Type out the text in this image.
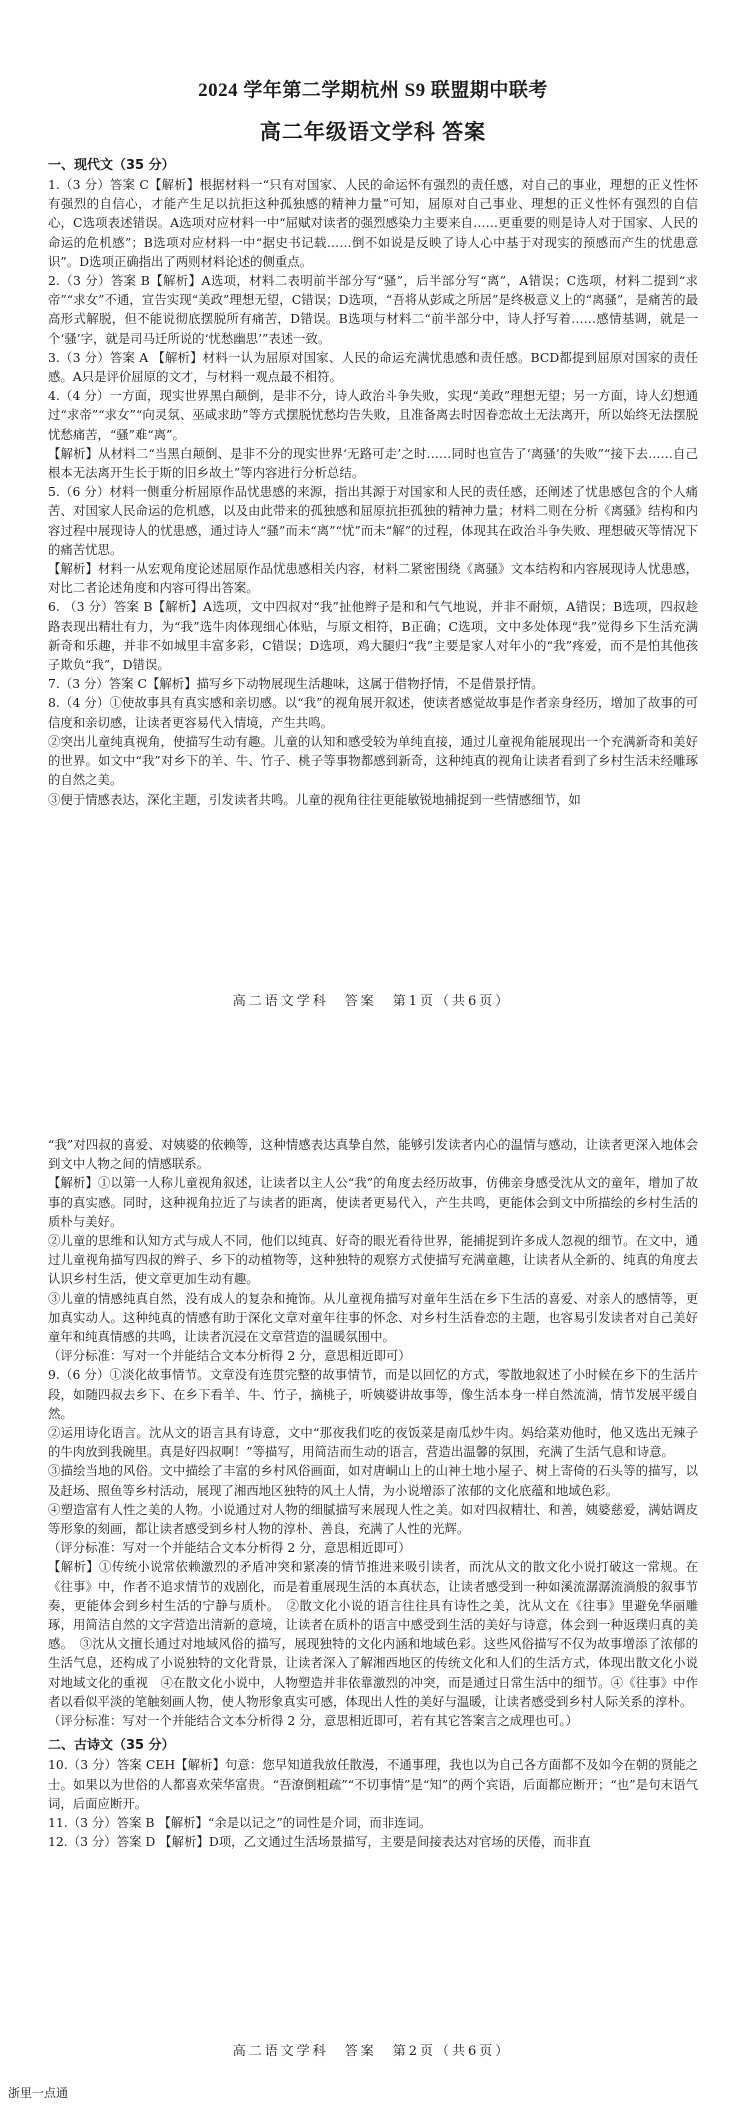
2024 学年第二学期杭州 S9 联盟期中联考
高二年级语文学科 答案
一、现代文（35 分）

1.（3 分）答案 C【解析】根据材料一“只有对国家、人民的命运怀有强烈的责任感，对自己的事业，理想的正义性怀有强烈的自信心，才能产生足以抗拒这种孤独感的精神力量”可知，屈原对自己事业、理想的正义性怀有强烈的自信心，C选项表述错误。A选项对应材料一中“屈赋对读者的强烈感染力主要来自……更重要的则是诗人对于国家、人民的命运的危机感”；B选项对应材料一中“据史书记载……倒不如说是反映了诗人心中基于对现实的预感而产生的忧患意识”。D选项正确指出了两则材料论述的侧重点。

2.（3 分）答案 B【解析】A选项，材料二表明前半部分写“骚”，后半部分写“离”，A错误；C选项，材料二提到“求帝”“求女”不通，宣告实现“美政”理想无望，C错误；D选项，“吾将从彭咸之所居”是终极意义上的“离骚”，是痛苦的最高形式解脱，但不能说彻底摆脱所有痛苦，D错误。B选项与材料二“前半部分中，诗人抒写着……感情基调，就是一个‘骚’字，就是司马迁所说的‘忧愁幽思’”表述一致。

3.（3 分）答案 A 【解析】材料一认为屈原对国家、人民的命运充满忧患感和责任感。BCD都提到屈原对国家的责任感。A只是评价屈原的文才，与材料一观点最不相符。

4.（4 分）一方面，现实世界黑白颠倒，是非不分，诗人政治斗争失败，实现“美政”理想无望；另一方面，诗人幻想通过“求帝”“求女”“向灵氛、巫咸求助”等方式摆脱忧愁均告失败，且准备离去时因眷恋故土无法离开，所以始终无法摆脱忧愁痛苦，“骚”难“离”。

【解析】从材料二“当黑白颠倒、是非不分的现实世界‘无路可走’之时……同时也宣告了‘离骚’的失败”“接下去……自己根本无法离开生长于斯的旧乡故土”等内容进行分析总结。

5.（6 分）材料一侧重分析屈原作品忧患感的来源，指出其源于对国家和人民的责任感，还阐述了忧患感包含的个人痛苦、对国家人民命运的危机感，以及由此带来的孤独感和屈原抗拒孤独的精神力量；材料二则在分析《离骚》结构和内容过程中展现诗人的忧患感，通过诗人“骚”而未“离”“忧”而未“解”的过程，体现其在政治斗争失败、理想破灭等情况下的痛苦忧思。

【解析】材料一从宏观角度论述屈原作品忧患感相关内容，材料二紧密围绕《离骚》文本结构和内容展现诗人忧患感，对比二者论述角度和内容可得出答案。

6. （3 分）答案 B【解析】A选项，文中四叔对“我”扯他辫子是和和气气地说，并非不耐烦，A错误；B选项，四叔趁路表现出精壮有力，为“我”选牛肉体现细心体贴，与原文相符，B正确；C选项，文中多处体现“我”觉得乡下生活充满新奇和乐趣，并非不如城里丰富多彩，C错误；D选项，鸡大腿归“我”主要是家人对年小的“我”疼爱，而不是怕其他孩子欺负“我”，D错误。

7.（3 分）答案 C【解析】描写乡下动物展现生活趣味，这属于借物抒情，不是借景抒情。

8.（4 分）①使故事具有真实感和亲切感。以“我”的视角展开叙述，使读者感觉故事是作者亲身经历，增加了故事的可信度和亲切感，让读者更容易代入情境，产生共鸣。

②突出儿童纯真视角，使描写生动有趣。儿童的认知和感受较为单纯直接，通过儿童视角能展现出一个充满新奇和美好的世界。如文中“我”对乡下的羊、牛、竹子、桃子等事物都感到新奇，这种纯真的视角让读者看到了乡村生活未经雕琢的自然之美。

③便于情感表达，深化主题，引发读者共鸣。儿童的视角往往更能敏锐地捕捉到一些情感细节，如

高二语文学科　答案　第1页（共6页）

“我”对四叔的喜爱、对姨婆的依赖等，这种情感表达真挚自然，能够引发读者内心的温情与感动，让读者更深入地体会到文中人物之间的情感联系。

【解析】①以第一人称儿童视角叙述，让读者以主人公“我”的角度去经历故事，仿佛亲身感受沈从文的童年，增加了故事的真实感。同时，这种视角拉近了与读者的距离，使读者更易代入，产生共鸣，更能体会到文中所描绘的乡村生活的质朴与美好。

②儿童的思维和认知方式与成人不同，他们以纯真、好奇的眼光看待世界，能捕捉到许多成人忽视的细节。在文中，通过儿童视角描写四叔的辫子、乡下的动植物等，这种独特的观察方式使描写充满童趣，让读者从全新的、纯真的角度去认识乡村生活，使文章更加生动有趣。

③儿童的情感纯真自然，没有成人的复杂和掩饰。从儿童视角描写对童年生活在乡下生活的喜爱、对亲人的感情等，更加真实动人。这种纯真的情感有助于深化文章对童年往事的怀念、对乡村生活眷恋的主题，也容易引发读者对自己美好童年和纯真情感的共鸣，让读者沉浸在文章营造的温暖氛围中。

（评分标准：写对一个并能结合文本分析得 2 分，意思相近即可）

9.（6 分）①淡化故事情节。文章没有连贯完整的故事情节，而是以回忆的方式，零散地叙述了小时候在乡下的生活片段，如随四叔去乡下、在乡下看羊、牛、竹子，摘桃子，听姨婆讲故事等，像生活本身一样自然流淌，情节发展平缓自然。

②运用诗化语言。沈从文的语言具有诗意，文中“那夜我们吃的夜饭菜是南瓜炒牛肉。妈给菜劝他时，他又选出无辣子的牛肉放到我碗里。真是好四叔啊！”等描写，用简洁而生动的语言，营造出温馨的氛围，充满了生活气息和诗意。

③描绘当地的风俗。文中描绘了丰富的乡村风俗画面，如对唐峒山上的山神土地小屋子、树上寄倚的石头等的描写，以及赶场、照鱼等乡村活动，展现了湘西地区独特的风土人情，为小说增添了浓郁的文化底蕴和地域色彩。

④塑造富有人性之美的人物。小说通过对人物的细腻描写来展现人性之美。如对四叔精壮、和善，姨婆慈爱，满姑调皮等形象的刻画，都让读者感受到乡村人物的淳朴、善良，充满了人性的光辉。

（评分标准：写对一个并能结合文本分析得 2 分，意思相近即可）

【解析】①传统小说常依赖激烈的矛盾冲突和紧凑的情节推进来吸引读者，而沈从文的散文化小说打破这一常规。在《往事》中，作者不追求情节的戏剧化，而是着重展现生活的本真状态，让读者感受到一种如溪流潺潺流淌般的叙事节奏，更能体会到乡村生活的宁静与质朴。　②散文化小说的语言往往具有诗性之美，沈从文在《往事》里避免华丽雕琢，用简洁自然的文字营造出清新的意境，让读者在质朴的语言中感受到生活的美好与诗意，体会到一种返璞归真的美感。　③沈从文擅长通过对地域风俗的描写，展现独特的文化内涵和地域色彩。这些风俗描写不仅为故事增添了浓郁的生活气息，还构成了小说独特的文化背景，让读者深入了解湘西地区的传统文化和人们的生活方式，体现出散文化小说对地域文化的重视　④在散文化小说中，人物塑造并非依靠激烈的冲突，而是通过日常生活中的细节。④《往事》中作者以看似平淡的笔触刻画人物，使人物形象真实可感，体现出人性的美好与温暖，让读者感受到乡村人际关系的淳朴。

（评分标准：写对一个并能结合文本分析得 2 分，意思相近即可，若有其它答案言之成理也可。）

二、古诗文（35 分）

10.（3 分）答案 CEH【解析】句意：您早知道我放任散漫，不通事理，我也以为自己各方面都不及如今在朝的贤能之士。如果以为世俗的人都喜欢荣华富贵。“吾潦倒粗疏”“不切事情”是“知”的两个宾语，后面都应断开；“也”是句末语气词，后面应断开。

11.（3 分）答案 B 【解析】“余是以记之”的词性是介词，而非连词。

12.（3 分）答案 D 【解析】D项，乙文通过生活场景描写，主要是间接表达对官场的厌倦，而非直

高二语文学科　答案　第2页（共6页）
浙里一点通
